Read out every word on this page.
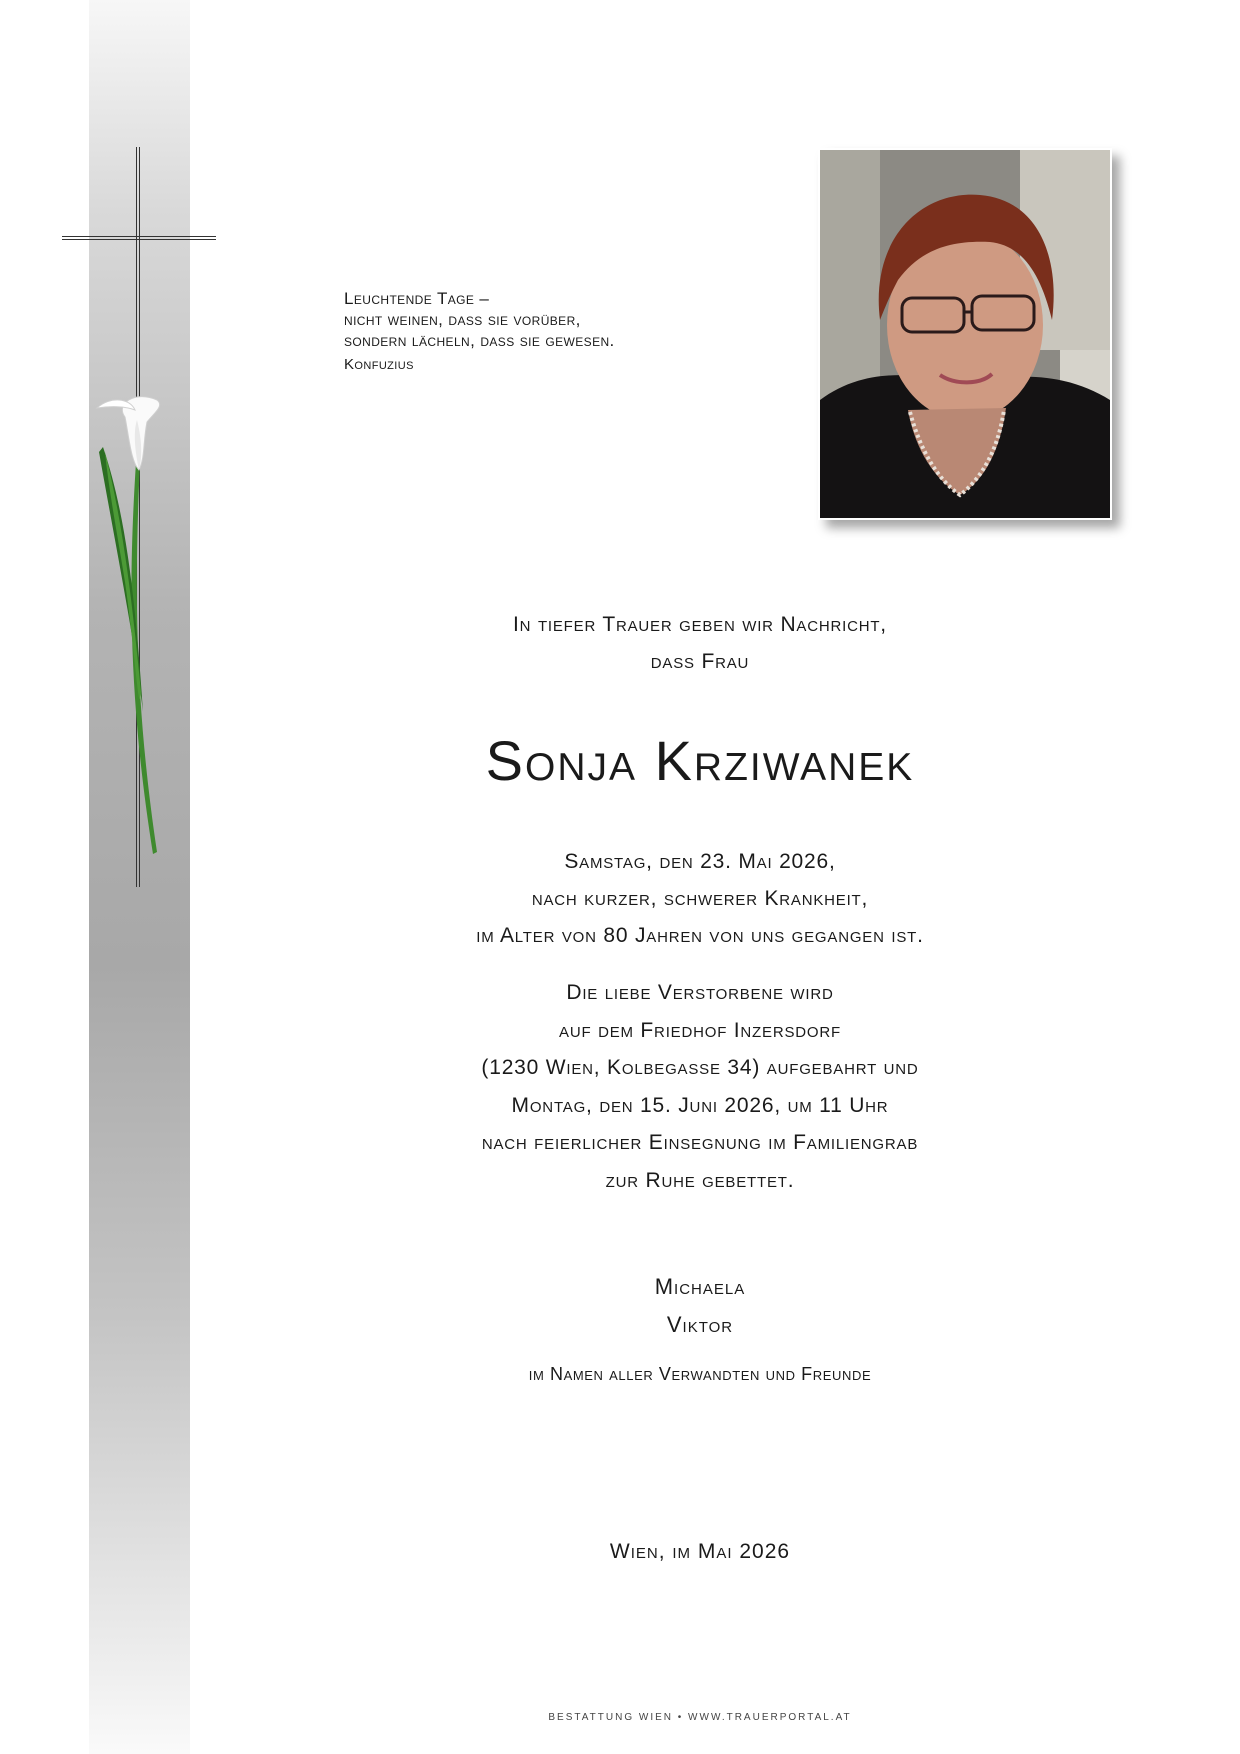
Leuchtende Tage –
nicht weinen, dass sie vorüber,
sondern lächeln, dass sie gewesen.
Konfuzius
In tiefer Trauer geben wir Nachricht,
dass Frau
Sonja Krziwanek
Samstag, den 23. Mai 2026,
nach kurzer, schwerer Krankheit,
im Alter von 80 Jahren von uns gegangen ist.
Die liebe Verstorbene wird
auf dem Friedhof Inzersdorf
(1230 Wien, Kolbegasse 34) aufgebahrt und
Montag, den 15. Juni 2026, um 11 Uhr
nach feierlicher Einsegnung im Familiengrab
zur Ruhe gebettet.
Michaela
Viktor
im Namen aller Verwandten und Freunde
Wien, im Mai 2026
BESTATTUNG WIEN • WWW.TRAUERPORTAL.AT
